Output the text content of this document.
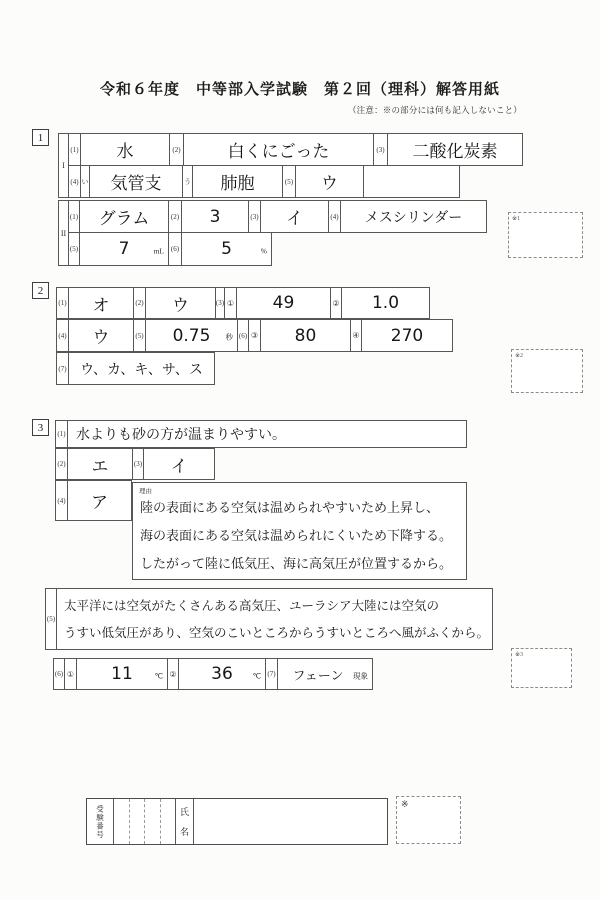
令和６年度　中等部入学試験　第２回（理科）解答用紙
（注意：※の部分には何も記入しないこと）
1
I
(1)	水	(2)	白くにごった	(3)	二酸化炭素
(4) い	気管支	う	肺胞	(5)	ウ
II
(1)	グラム	(2)	3	(3)	イ	(4)	メスシリンダー
(5) 7	mL (6) 5	%
※1
2
(1)	オ	(2)	ウ	(3) ①	49	②	1.0
(4)	ウ	(5) 0.75 秒 (6) ③	80	④	270
(7) ウ、カ、キ、サ、ス
※2
3
(1) 水よりも砂の方が温まりやすい。
(2)	エ	(3)	イ
(4)	ア
理由
陸の表面にある空気は温められやすいため上昇し、
海の表面にある空気は温められにくいため下降する。
したがって陸に低気圧、海に高気圧が位置するから。
(5)
太平洋には空気がたくさんある高気圧、ユーラシア大陸には空気の
うすい低気圧があり、空気のこいところからうすいところへ風がふくから。
(6) ① 11	℃ ② 36	℃ (7) フェーン 現象
※3
受験番号	氏
名
※
